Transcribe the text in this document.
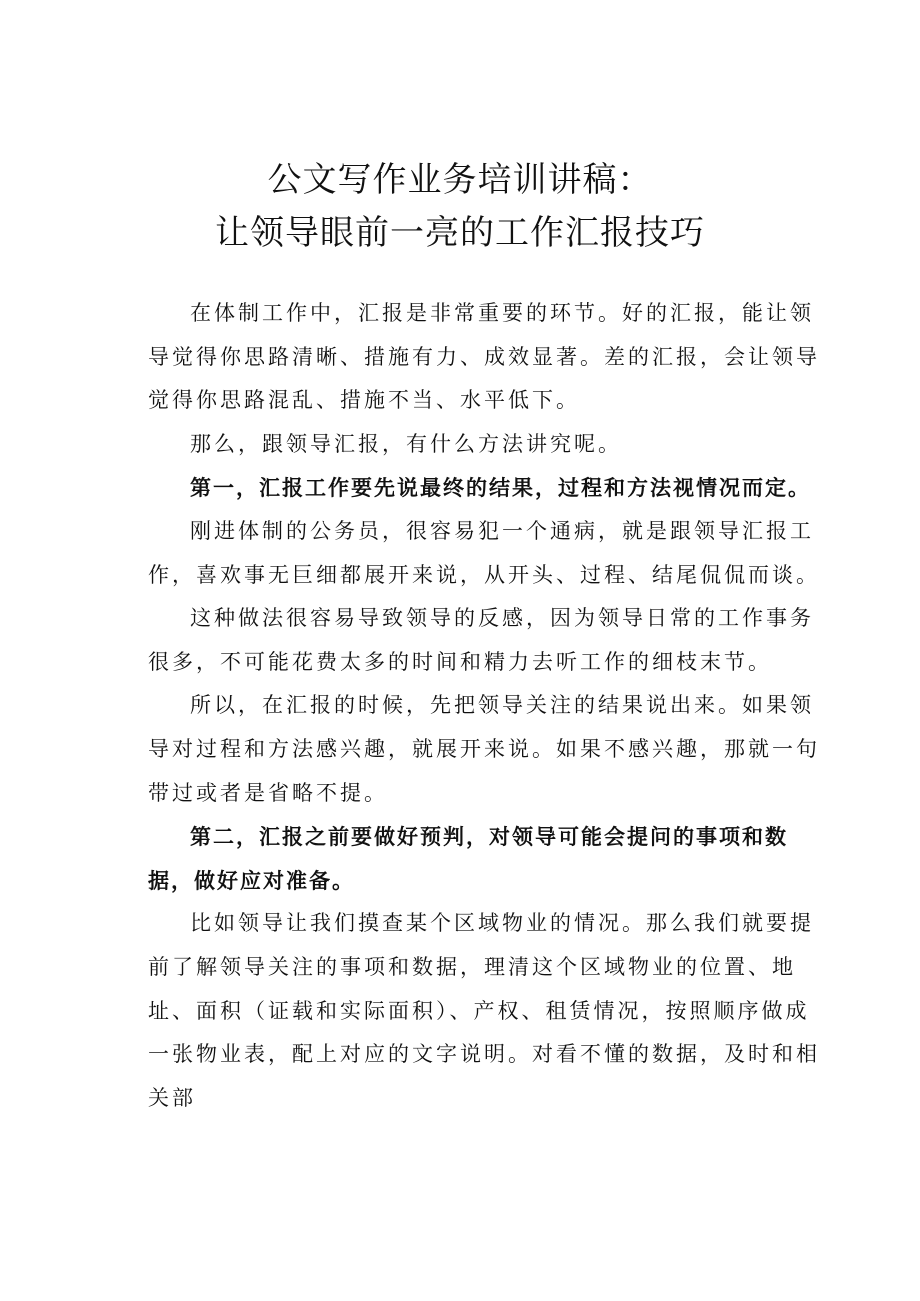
公文写作业务培训讲稿：
让领导眼前一亮的工作汇报技巧

在体制工作中，汇报是非常重要的环节。好的汇报，能让领导觉得你思路清晰、措施有力、成效显著。差的汇报，会让领导觉得你思路混乱、措施不当、水平低下。

那么，跟领导汇报，有什么方法讲究呢。

第一，汇报工作要先说最终的结果，过程和方法视情况而定。

刚进体制的公务员，很容易犯一个通病，就是跟领导汇报工作，喜欢事无巨细都展开来说，从开头、过程、结尾侃侃而谈。

这种做法很容易导致领导的反感，因为领导日常的工作事务很多，不可能花费太多的时间和精力去听工作的细枝末节。

所以，在汇报的时候，先把领导关注的结果说出来。如果领导对过程和方法感兴趣，就展开来说。如果不感兴趣，那就一句带过或者是省略不提。

第二，汇报之前要做好预判，对领导可能会提问的事项和数据，做好应对准备。

比如领导让我们摸查某个区域物业的情况。那么我们就要提前了解领导关注的事项和数据，理清这个区域物业的位置、地址、面积（证载和实际面积）、产权、租赁情况，按照顺序做成一张物业表，配上对应的文字说明。对看不懂的数据，及时和相关部
